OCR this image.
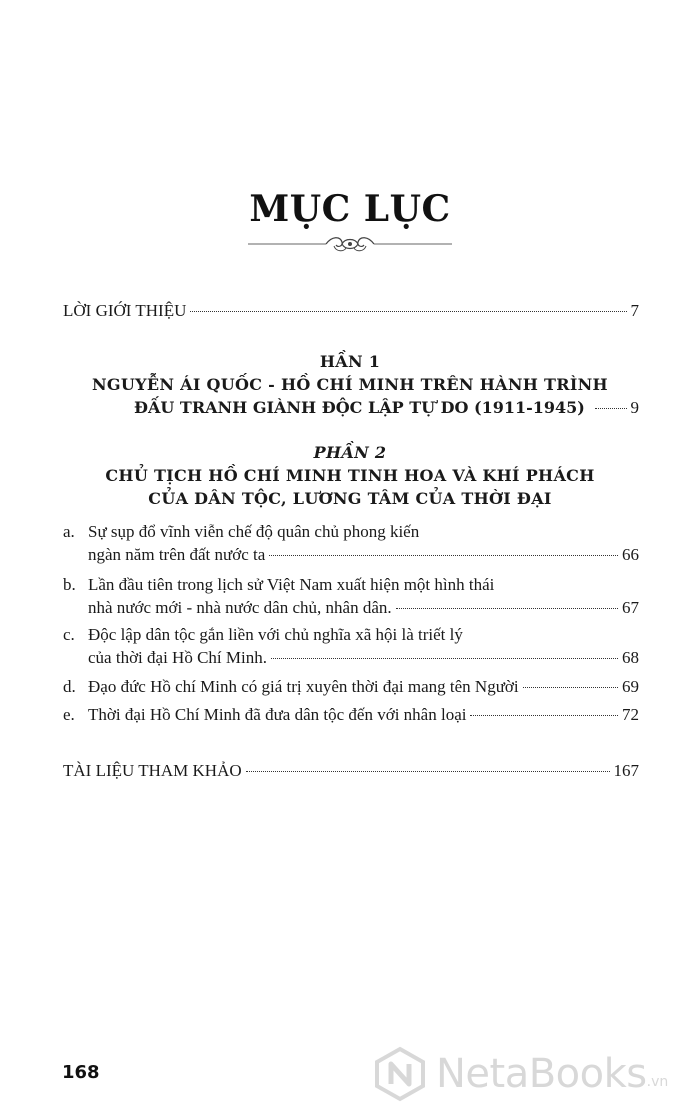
MỤC LỤC
LỜI GIỚI THIỆU	7
HẦN 1
NGUYỄN ÁI QUỐC - HỒ CHÍ MINH TRÊN HÀNH TRÌNH
ĐẤU TRANH GIÀNH ĐỘC LẬP TỰ DO (1911-1945)	9
PHẦN 2
CHỦ TỊCH HỒ CHÍ MINH TINH HOA VÀ KHÍ PHÁCH
CỦA DÂN TỘC, LƯƠNG TÂM CỦA THỜI ĐẠI
a. Sự sụp đổ vĩnh viễn chế độ quân chủ phong kiến
ngàn năm trên đất nước ta	66
b. Lần đầu tiên trong lịch sử Việt Nam xuất hiện một hình thái
nhà nước mới - nhà nước dân chủ, nhân dân.	67
c. Độc lập dân tộc gắn liền với chủ nghĩa xã hội là triết lý
của thời đại Hồ Chí Minh.	68
d. Đạo đức Hồ chí Minh có giá trị xuyên thời đại mang tên Người	69
e. Thời đại Hồ Chí Minh đã đưa dân tộc đến với nhân loại	72
TÀI LIỆU THAM KHẢO	167
168	NetaBooks .vn
